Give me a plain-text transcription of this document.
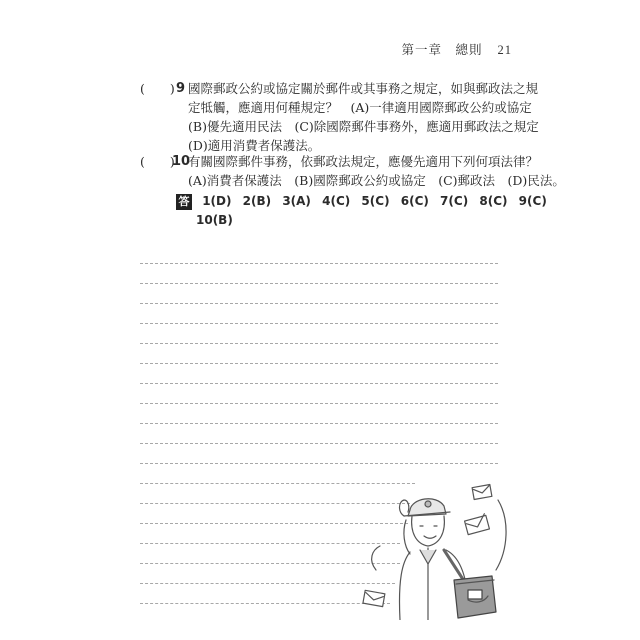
第一章　總則 21
(　　) 9 國際郵政公約或協定關於郵件或其事務之規定，如與郵政法之規
定牴觸，應適用何種規定？　(A)一律適用國際郵政公約或協定
(B)優先適用民法　(C)除國際郵件事務外，應適用郵政法之規定
(D)適用消費者保護法。
(　　)
10
有關國際郵件事務，依郵政法規定，應優先適用下列何項法律？
(A)消費者保護法　(B)國際郵政公約或協定　(C)郵政法　(D)民法。
答 1(D) 2(B) 3(A) 4(C) 5(C) 6(C) 7(C) 8(C) 9(C)
10(B)
